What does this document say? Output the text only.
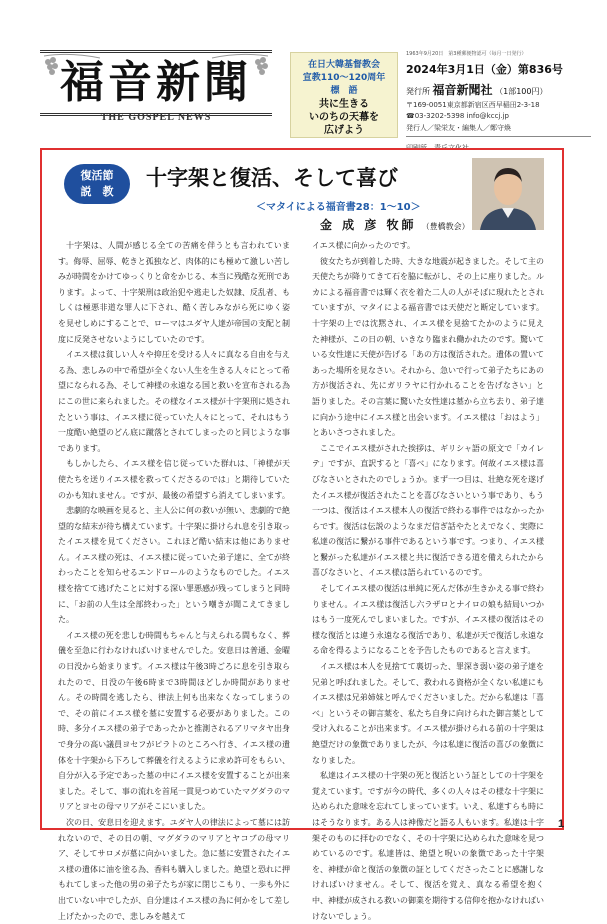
福音新聞
THE GOSPEL NEWS
在日大韓基督教会
宣教110〜120周年
標　語
共に生きる
いのちの天幕を
広げよう
1963年9月20日　第3種郵便物認可（毎月一日発行）
2024年3月1日（金）第836号
発行所 福音新聞社 （1部100円）
〒169-0051東京都新宿区西早稲田2-3-18
☎03-3202-5398 info@kccj.jp
発行人／梁栄友・編集人／鄭守煥
復活節
説　教
十字架と復活、そして喜び
＜マタイによる福音書28：1〜10＞
金 成 彦 牧師 （豊橋教会）

十字架は、人間が感じる全ての苦痛を伴うとも言われています。侮辱、屈辱、乾きと孤独など、肉体的にも極めて激しい苦しみが時間をかけてゆっくりと命をかじる、本当に残酷な死刑であります。よって、十字架刑は政治犯や逃走した奴隷、反乱者、もしくは極悪非道な罪人に下され、酷く苦しみながら死にゆく姿を見せしめにすることで、ローマはユダヤ人達が帝国の支配と制度に反発させないようにしていたのです。

イエス様は貧しい人々や抑圧を受ける人々に真なる自由を与える為、悲しみの中で希望が全くない人生を生きる人々にとって希望になられる為、そして神様の永遠なる国と救いを宣布される為にこの世に来られました。その様なイエス様が十字架刑に処されたという事は、イエス様に従っていた人々にとって、それはもう一度酷い絶望のどん底に蹴落とされてしまったのと同じような事であります。

もしかしたら、イエス様を信じ従っていた群れは、「神様が天使たちを送りイエス様を救ってくださるのでは」と期待していたのかも知れません。ですが、最後の希望すら消えてしまいます。

悲劇的な映画を見ると、主人公に何の救いが無い、悲劇的で絶望的な結末が待ち構えています。十字架に掛けられ息を引き取ったイエス様を見てください。これほど酷い結末は他にありません。イエス様の死は、イエス様に従っていた弟子達に、全てが終わったことを知らせるエンドロールのようなものでした。イエス様を捨てて逃げたことに対する深い罪悪感が残ってしまうと同時に、「お前の人生は全部終わった」という嘲きが聞こえてきました。

イエス様の死を悲しむ時間もちゃんと与えられる間もなく、葬儀を至急に行わなければいけませんでした。安息日は普通、金曜の日没から始まります。イエス様は午後3時ごろに息を引き取られたので、日没の午後6時まで3時間ほどしか時間がありません。その時間を逃したら、律法上何も出来なくなってしまうので、その前にイエス様を墓に安置する必要がありました。この時、多分イエス様の弟子であったかと推測されるアリマタヤ出身で身分の高い議員ヨセフがピラトのところへ行き、イエス様の遺体を十字架から下ろして葬儀を行えるように求め許可をもらい、自分が入る予定であった墓の中にイエス様を安置することが出来ました。そして、事の流れを首尾一貫見つめていたマグダラのマリアとヨセの母マリアがそこにいました。

次の日、安息日を迎えます。ユダヤ人の律法によって墓には訪れないので、その日の朝、マグダラのマリアとヤコブの母マリア、そしてサロメが墓に向かいました。急に墓に安置されたイエス様の遺体に油を塗る為、香料も購入しました。絶望と恐れに押もれてしまった他の男の弟子たちが家に閉じこもり、一歩も外に出ていない中でしたが、自分達はイエス様の為に何かをして差し上げたかったので、悲しみを越えて

イエス様に向かったのです。

彼女たちが到着した時、大きな地震が起きました。そして主の天使たちが降りてきて石を脇に転がし、その上に座りました。ルカによる福音書では輝く衣を着た二人の人がそばに現れたとされていますが、マタイによる福音書では天使だと断定しています。十字架の上では沈黙され、イエス様を見捨てたかのように見えた神様が、この日の朝、いきなり臨まれ働かれたのです。驚いている女性達に天使が告げる「あの方は復活された。遺体の置いてあった場所を見なさい。それから、急いで行って弟子たちにあの方が復活され、先にガリラヤに行かれることを告げなさい」と語りました。その言葉に驚いた女性達は墓から立ち去り、弟子達に向かう途中にイエス様と出会います。イエス様は「おはよう」とあいさつされました。

ここでイエス様がされた挨拶は、ギリシャ語の原文で「カイレテ」ですが、直訳すると「喜べ」になります。何故イエス様は喜びなさいとされたのでしょうか。まず一つ目は、壮絶な死を遂げたイエス様が復活されたことを喜びなさいという事であり、もう一つは、復活はイエス様本人の復活で終わる事件ではなかったからです。復活は伝説のようなまだ信ぎ話やたとえでなく、実際に私達の復活に繋がる事件であるという事です。つまり、イエス様と繋がった私達がイエス様と共に復活できる道を備えられたから喜びなさいと、イエス様は語られているのです。

そしてイエス様の復活は単純に死んだ体が生きかえる事で終わりません。イエス様は復活し六ラザロとナイロの娘も結局いつかはもう一度死んでしまいました。ですが、イエス様の復活はその様な復活とは違う永遠なる復活であり、私達が天で復活し永遠なる命を得るようになることを予告したものであると言えます。

イエス様は本人を見捨てて裏切った、罪深き弱い姿の弟子達を兄弟と呼ばれました。そして、救われる資格が全くない私達にもイエス様は兄弟姉妹と呼んでくださいました。だから私達は「喜べ」というその御言葉を、私たち自身に向けられた御言葉として受け入れることが出来ます。イエス様が掛けられる前の十字架は絶望だけの象徴でありましたが、今は私達に復活の喜びの象徴になりました。

私達はイエス様の十字架の死と復活という証としての十字架を覚えています。ですが今の時代、多くの人々はその様な十字架に込められた意味を忘れてしまっています。いえ、私達すらも時にはそうなります。ある人は神像だと語る人もいます。私達は十字架そのものに拝むのでなく、その十字架に込められた意味を見つめているのです。私達皆は、絶望と呪いの象徴であった十字架を、神様が命と復活の象徴の証としてくださったことに感謝しなければいけません。そして、復活を覚え、真なる希望を抱く中、神様が成される救いの御業を期待する信仰を抱かなければいけないでしょう。

1
